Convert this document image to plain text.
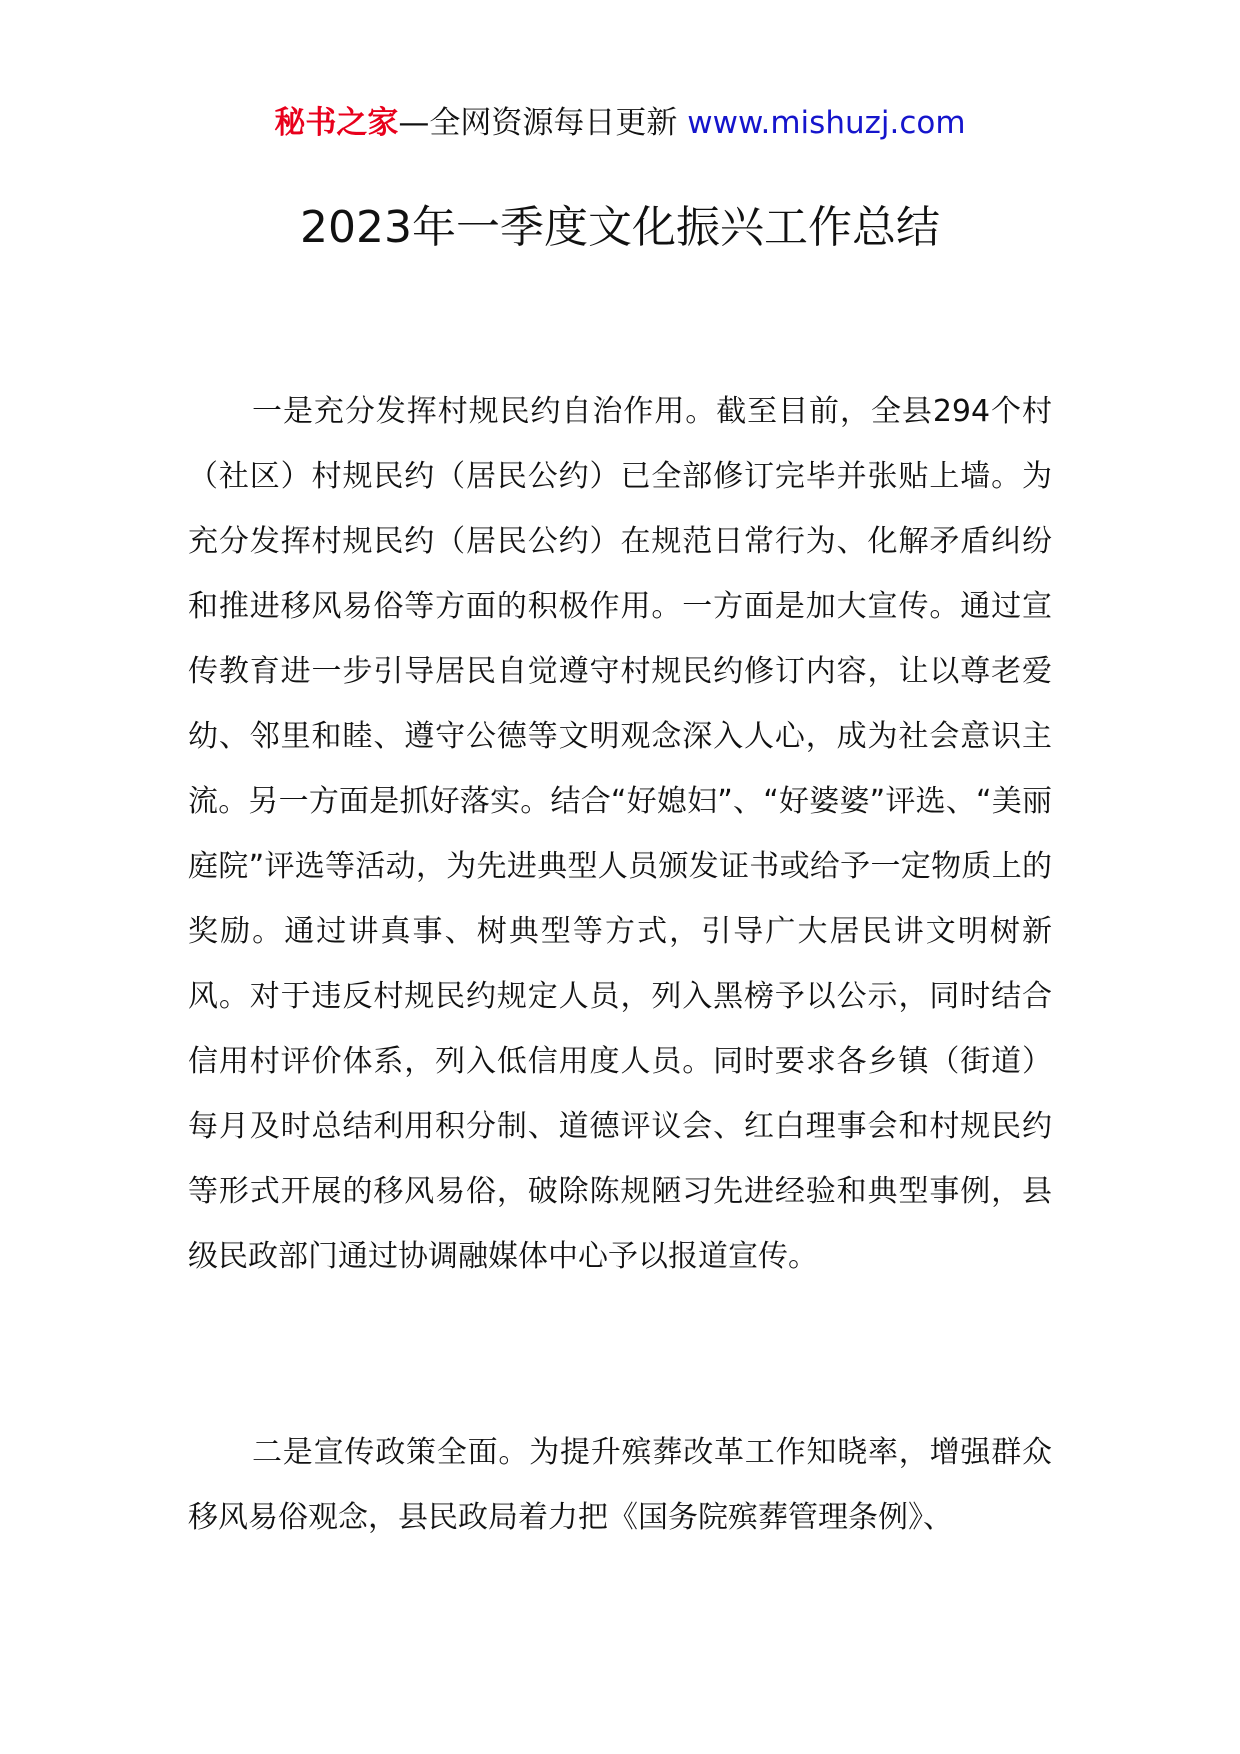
秘书之家—全网资源每日更新 www.mishuzj.com
2023年一季度文化振兴工作总结

一是充分发挥村规民约自治作用。截至目前，全县294个村（社区）村规民约（居民公约）已全部修订完毕并张贴上墙。为充分发挥村规民约（居民公约）在规范日常行为、化解矛盾纠纷和推进移风易俗等方面的积极作用。一方面是加大宣传。通过宣传教育进一步引导居民自觉遵守村规民约修订内容，让以尊老爱幼、邻里和睦、遵守公德等文明观念深入人心，成为社会意识主流。另一方面是抓好落实。结合“好媳妇”、“好婆婆”评选、“美丽庭院”评选等活动，为先进典型人员颁发证书或给予一定物质上的奖励。通过讲真事、树典型等方式，引导广大居民讲文明树新风。对于违反村规民约规定人员，列入黑榜予以公示，同时结合信用村评价体系，列入低信用度人员。同时要求各乡镇（街道）每月及时总结利用积分制、道德评议会、红白理事会和村规民约等形式开展的移风易俗，破除陈规陋习先进经验和典型事例，县级民政部门通过协调融媒体中心予以报道宣传。

二是宣传政策全面。为提升殡葬改革工作知晓率，增强群众移风易俗观念，县民政局着力把《国务院殡葬管理条例》、
